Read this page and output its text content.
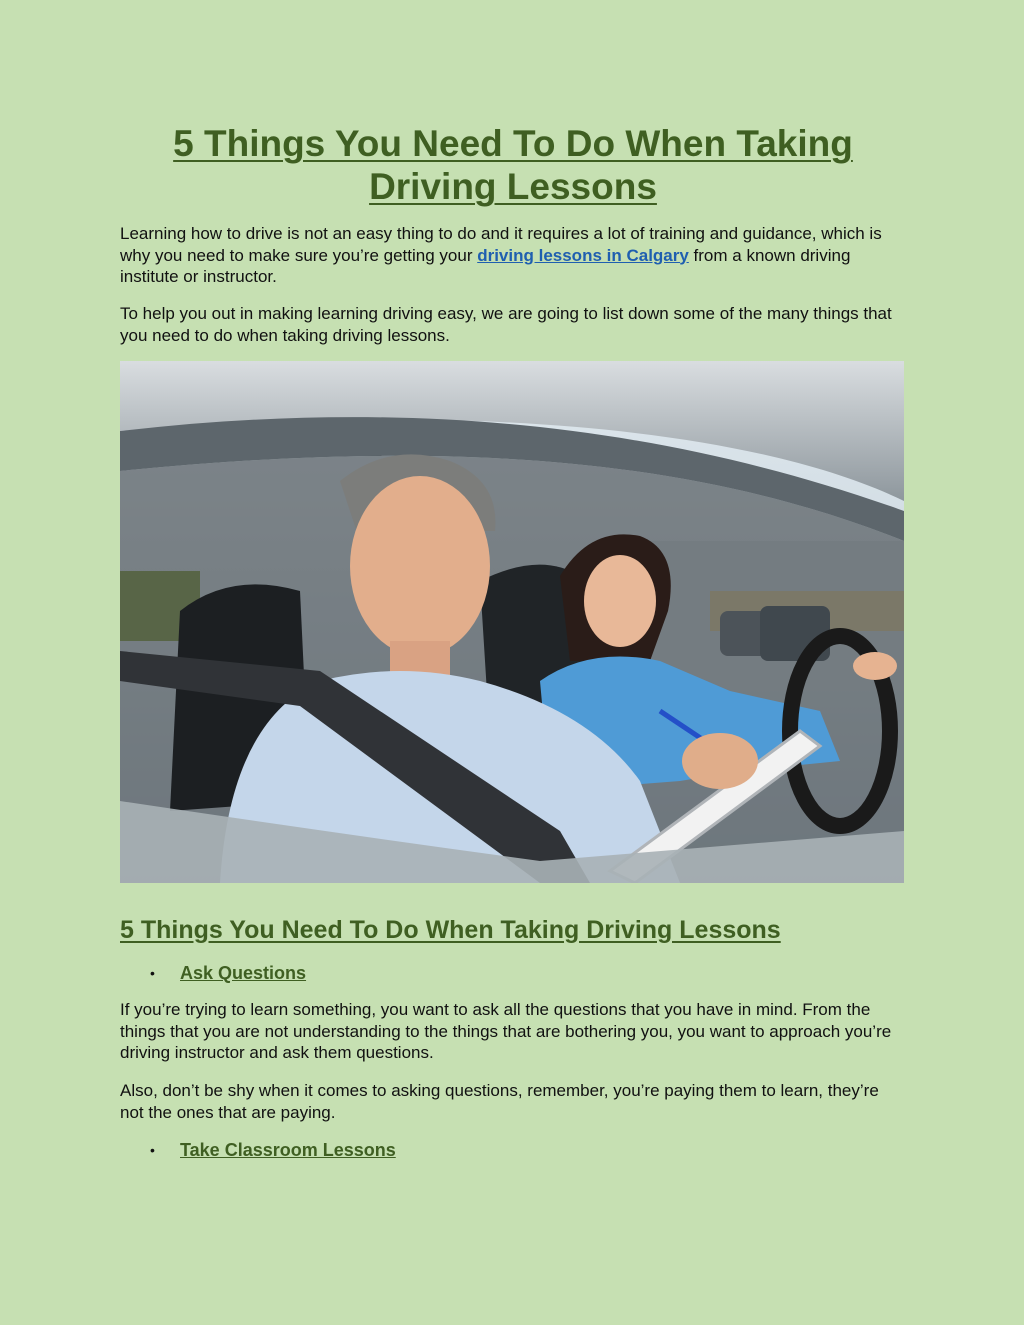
5 Things You Need To Do When Taking Driving Lessons

Learning how to drive is not an easy thing to do and it requires a lot of training and guidance, which is why you need to make sure you’re getting your driving lessons in Calgary from a known driving institute or instructor.

To help you out in making learning driving easy, we are going to list down some of the many things that you need to do when taking driving lessons.

5 Things You Need To Do When Taking Driving Lessons
•	Ask Questions

If you’re trying to learn something, you want to ask all the questions that you have in mind. From the things that you are not understanding to the things that are bothering you, you want to approach you’re driving instructor and ask them questions.

Also, don’t be shy when it comes to asking questions, remember, you’re paying them to learn, they’re not the ones that are paying.

•	Take Classroom Lessons
